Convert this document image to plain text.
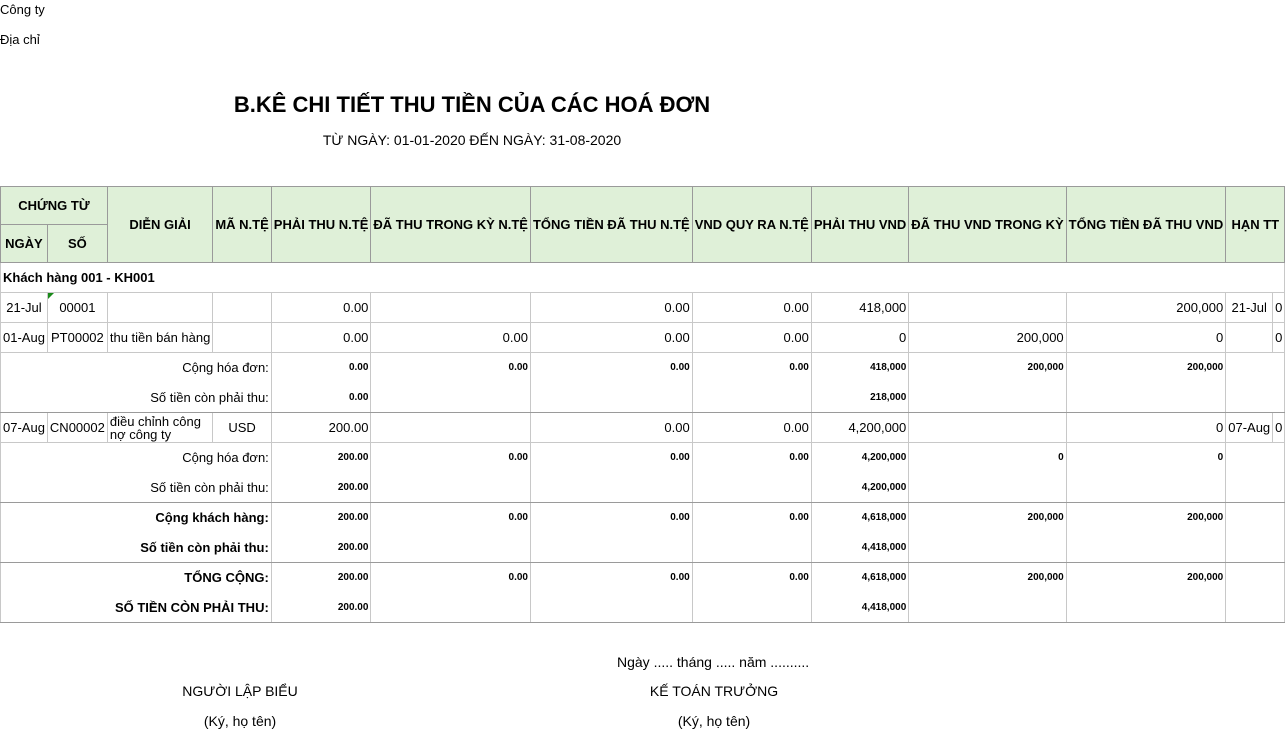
Công ty
Địa chỉ
B.KÊ CHI TIẾT THU TIỀN CỦA CÁC HOÁ ĐƠN
TỪ NGÀY: 01-01-2020 ĐẾN NGÀY: 31-08-2020
CHỨNG TỪ		DIỄN GIẢI	MÃ N.TỆ	PHẢI THU N.TỆ	ĐÃ THU TRONG KỲ N.TỆ	TỔNG TIỀN ĐÃ THU N.TỆ	VND QUY RA N.TỆ	PHẢI THU VND	ĐÃ THU VND TRONG KỲ	TỔNG TIỀN ĐÃ THU VND	HẠN TT	
NGÀY	SỐ											
Khách hàng 001 - KH001												
21-Jul	00001			0.00		0.00	0.00	418,000		200,000	21-Jul	0
01-Aug	PT00002	thu tiền bán hàng		0.00	0.00	0.00	0.00	0	200,000	0		0
Cộng hóa đơn:				0.00	0.00	0.00	0.00	418,000	200,000	200,000		
Số tiền còn phải thu:				0.00				218,000				
07-Aug	CN00002	điều chỉnh công nợ công ty	USD	200.00		0.00	0.00	4,200,000		0	07-Aug	0
Cộng hóa đơn:				200.00	0.00	0.00	0.00	4,200,000	0	0		
Số tiền còn phải thu:				200.00				4,200,000				
Cộng khách hàng:				200.00	0.00	0.00	0.00	4,618,000	200,000	200,000		
Số tiền còn phải thu:				200.00				4,418,000				
TỔNG CỘNG:				200.00	0.00	0.00	0.00	4,618,000	200,000	200,000		
SỐ TIỀN CÒN PHẢI THU:				200.00				4,418,000				
Ngày ..... tháng ..... năm ..........
NGƯỜI LẬP BIỂU
(Ký, họ tên)
KẾ TOÁN TRƯỞNG
(Ký, họ tên)
